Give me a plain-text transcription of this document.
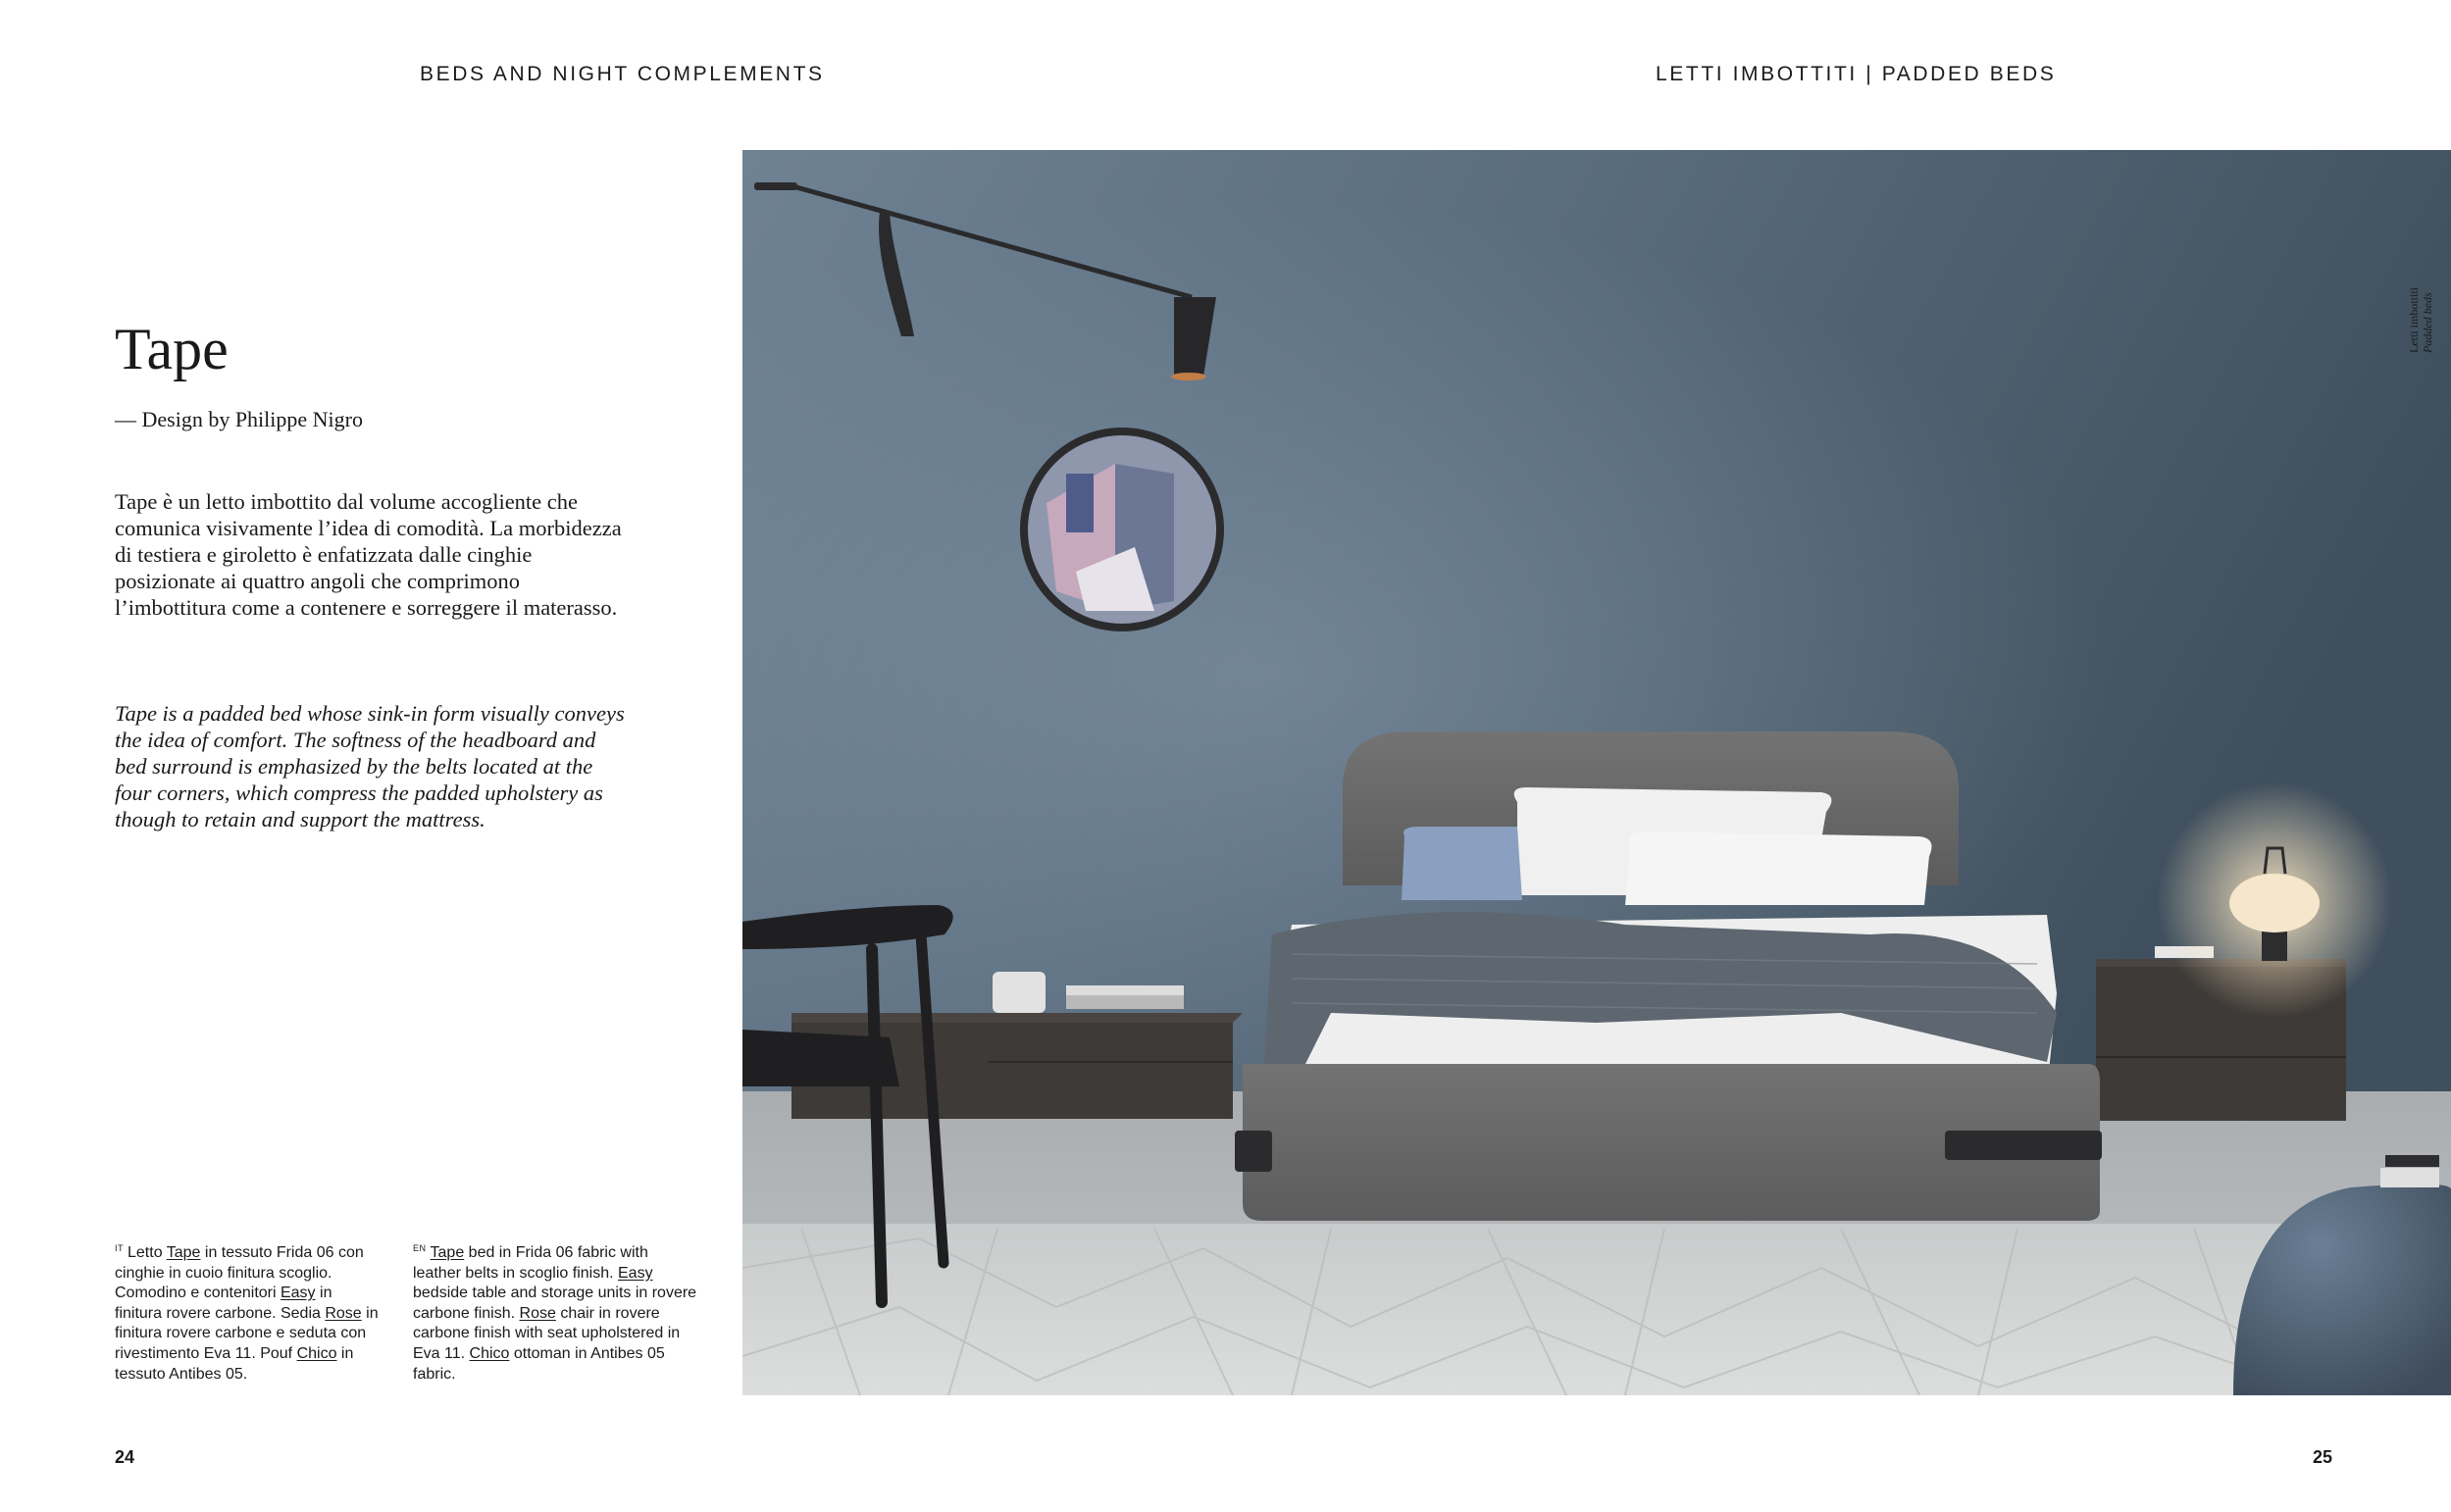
BEDS AND NIGHT COMPLEMENTS	LETTI IMBOTTITI | PADDED BEDS
Tape
— Design by Philippe Nigro

Tape è un letto imbottito dal volume accogliente che comunica visivamente l’idea di comodità. La morbidezza di testiera e giroletto è enfatizzata dalle cinghie posizionate ai quattro angoli che comprimono l’imbottitura come a contenere e sorreggere il materasso.

Tape is a padded bed whose sink-in form visually conveys the idea of comfort. The softness of the headboard and bed surround is emphasized by the belts located at the four corners, which compress the padded upholstery as though to retain and support the mattress.

$^{IT}$ Letto Tape in tessuto Frida 06 con cinghie in cuoio finitura scoglio. Comodino e contenitori Easy in finitura rovere carbone. Sedia Rose in finitura rovere carbone e seduta con rivestimento Eva 11. Pouf Chico in tessuto Antibes 05.

$^{EN}$ Tape bed in Frida 06 fabric with leather belts in scoglio finish. Easy bedside table and storage units in rovere carbone finish. Rose chair in rovere carbone finish with seat upholstered in Eva 11. Chico ottoman in Antibes 05 fabric.

24	25
Letti imbottiti Padded beds
